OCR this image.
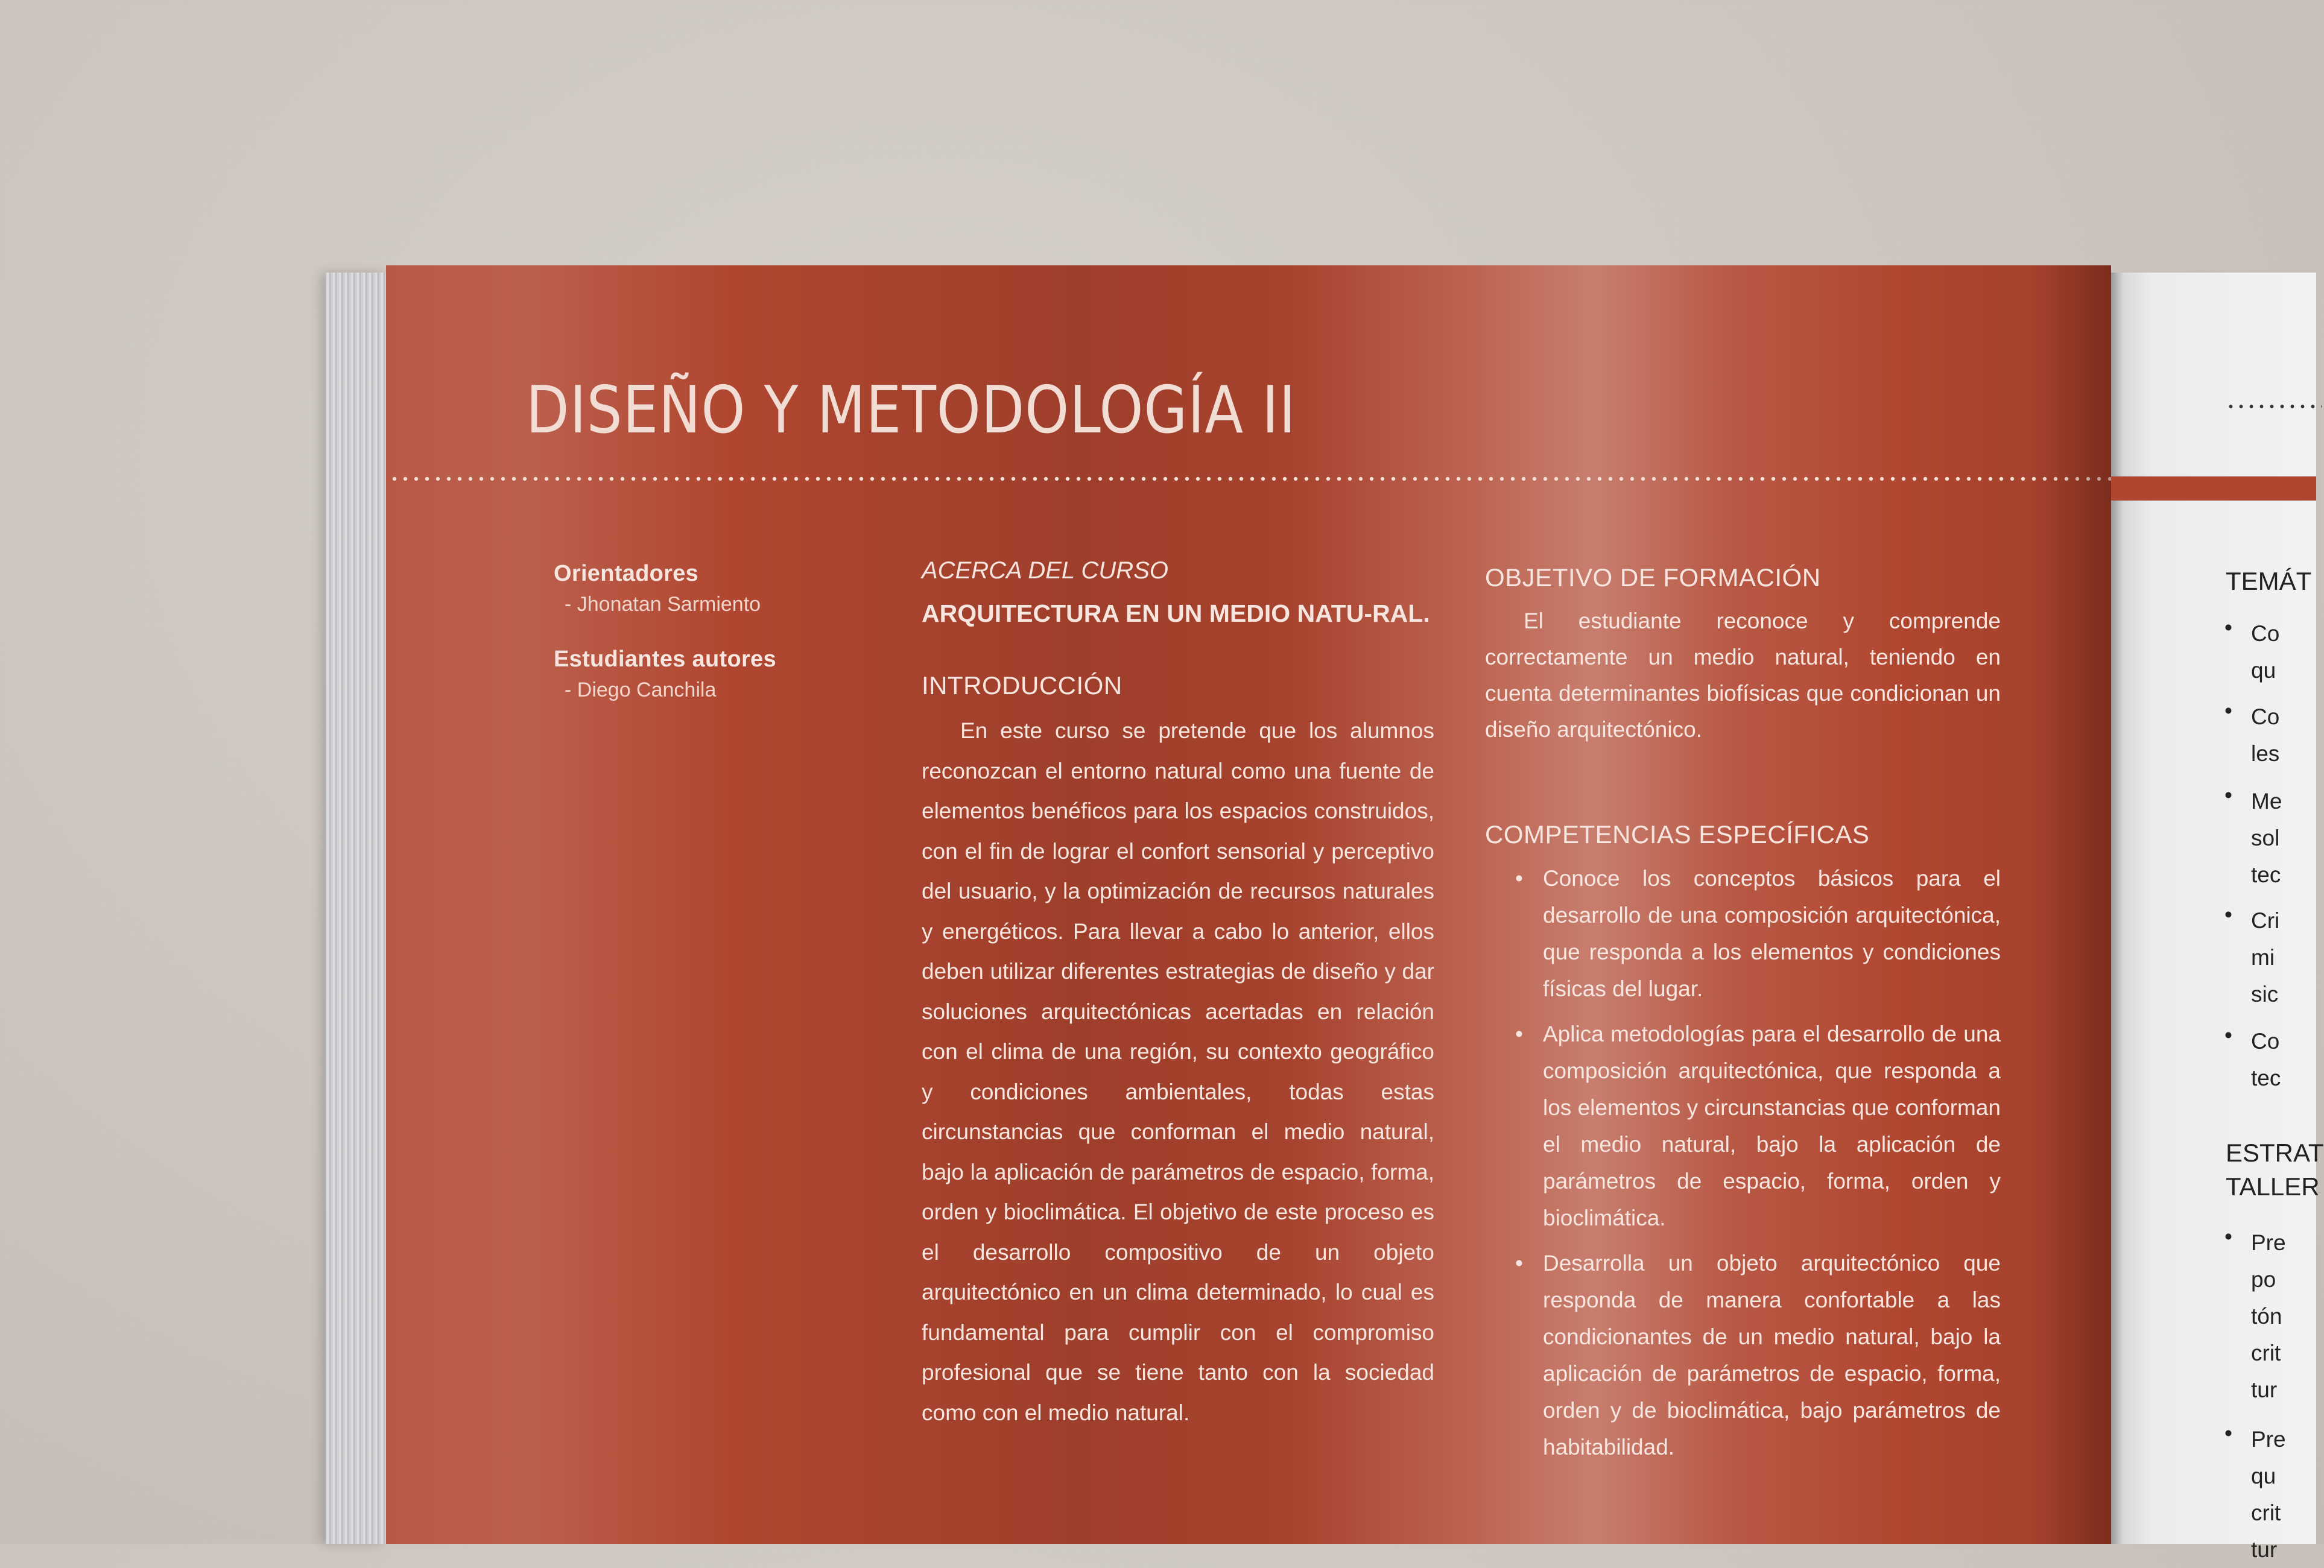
DISEÑO Y METODOLOGÍA II
Orientadores
- Jhonatan Sarmiento
Estudiantes autores
- Diego Canchila
ACERCA DEL CURSO
ARQUITECTURA EN UN MEDIO NATU-RAL.
INTRODUCCIÓN

En este curso se pretende que los alumnos reconozcan el entorno natural como una fuente de elementos benéficos para los espacios construidos, con el fin de lograr el confort sensorial y perceptivo del usuario, y la optimización de recursos naturales y energéticos. Para llevar a cabo lo anterior, ellos deben utilizar diferentes estrategias de diseño y dar soluciones arquitectónicas acertadas en relación con el clima de una región, su contexto geográfico y condiciones ambientales, todas estas circunstancias que conforman el medio natural, bajo la aplicación de parámetros de espacio, forma, orden y bioclimática. El objetivo de este proceso es el desarrollo compositivo de un objeto arquitectónico en un clima determinado, lo cual es fundamental para cumplir con el compromiso profesional que se tiene tanto con la sociedad como con el medio natural.

OBJETIVO DE FORMACIÓN

El estudiante reconoce y comprende correctamente un medio natural, teniendo en cuenta determinantes biofísicas que condicionan un diseño arquitectónico.

COMPETENCIAS ESPECÍFICAS
• Conoce los conceptos básicos para el desarrollo de una composición arquitectónica, que responda a los elementos y condiciones físicas del lugar.
• Aplica metodologías para el desarrollo de una composición arquitectónica, que responda a los elementos y circunstancias que conforman el medio natural, bajo la aplicación de parámetros de espacio, forma, orden y bioclimática.
• Desarrolla un objeto arquitectónico que responda de manera confortable a las condicionantes de un medio natural, bajo la aplicación de parámetros de espacio, forma, orden y de bioclimática, bajo parámetros de habitabilidad.
TEMÁT
• Co
qu
• Co
les
• Me
sol
tec
• Cri
mi
sic
• Co
tec
ESTRAT
TALLER
• Pre
po
tón
crit
tur
• Pre
qu
crit
tur
